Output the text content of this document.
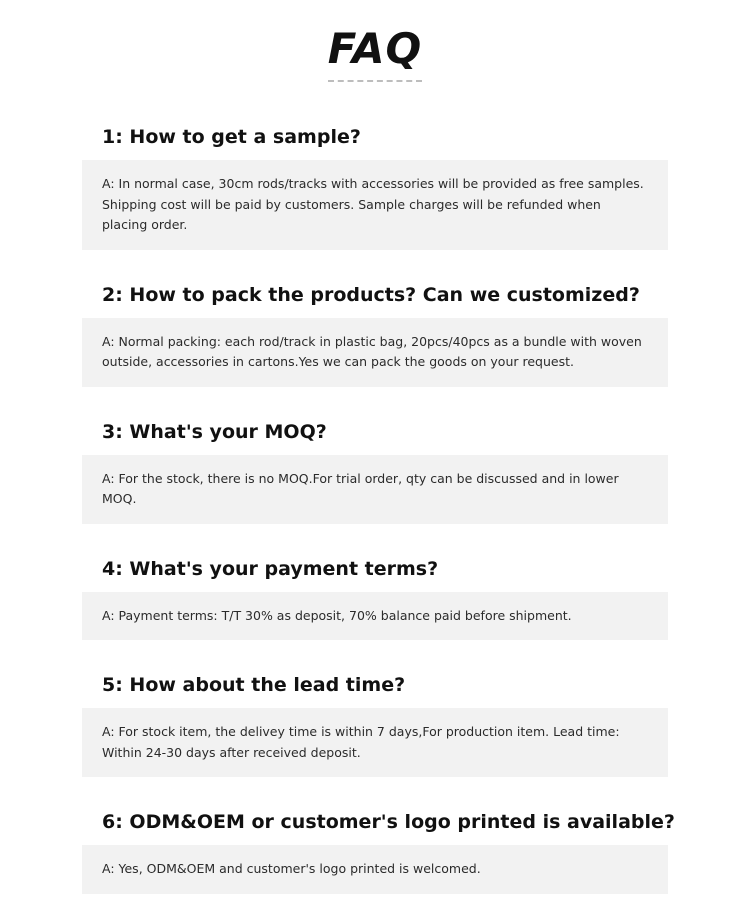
FAQ
1: How to get a sample?
A: In normal case, 30cm rods/tracks with accessories will be provided as free samples. Shipping cost will be paid by customers. Sample charges will be refunded when placing order.
2: How to pack the products? Can we customized?
A: Normal packing: each rod/track in plastic bag, 20pcs/40pcs as a bundle with woven outside, accessories in cartons.Yes we can pack the goods on your request.
3: What's your MOQ?
A: For the stock, there is no MOQ.For trial order, qty can be discussed and in lower MOQ.
4: What's your payment terms?
A: Payment terms: T/T 30% as deposit, 70% balance paid before shipment.
5: How about the lead time?
A: For stock item, the delivey time is within 7 days,For production item. Lead time: Within 24-30 days after received deposit.
6: ODM&OEM or customer's logo printed is available?
A: Yes, ODM&OEM and customer's logo printed is welcomed.
